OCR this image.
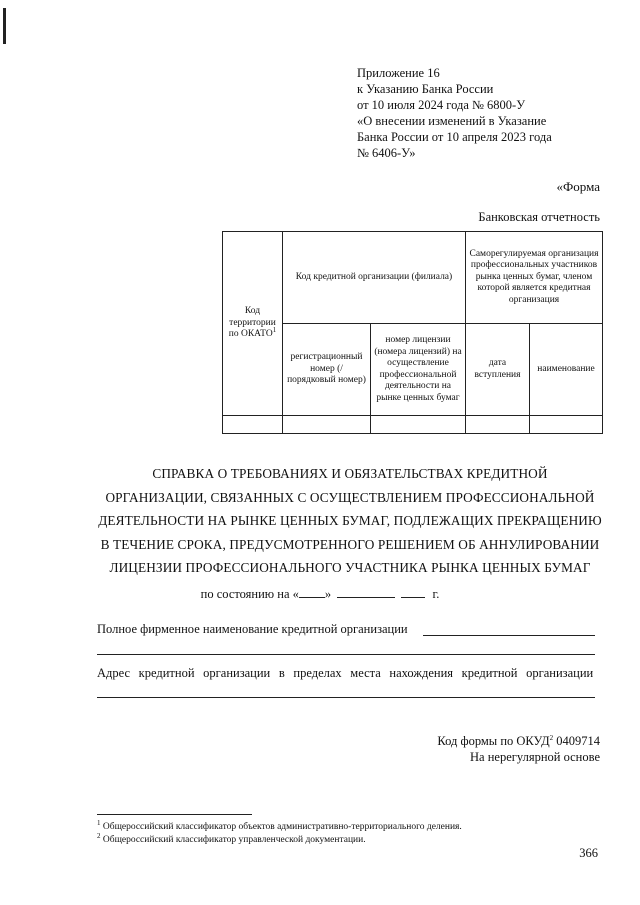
Приложение 16
к Указанию Банка России
от 10 июля 2024 года № 6800-У
«О внесении изменений в Указание
Банка России от 10 апреля 2023 года
№ 6406-У»
«Форма
Банковская отчетность
Код территории по ОКАТО$^1$	Код кредитной организации (филиала)		Саморегулируемая организация профессиональных участников рынка ценных бумаг, членом которой является кредитная организация	
	регистрационный номер (/ порядковый номер)	номер лицензии (номера лицензий) на осуществление профессиональной деятельности на рынке ценных бумаг	дата вступления	наименование

СПРАВКА О ТРЕБОВАНИЯХ И ОБЯЗАТЕЛЬСТВАХ КРЕДИТНОЙ
ОРГАНИЗАЦИИ, СВЯЗАННЫХ С ОСУЩЕСТВЛЕНИЕМ ПРОФЕССИОНАЛЬНОЙ
ДЕЯТЕЛЬНОСТИ НА РЫНКЕ ЦЕННЫХ БУМАГ, ПОДЛЕЖАЩИХ ПРЕКРАЩЕНИЮ
В ТЕЧЕНИЕ СРОКА, ПРЕДУСМОТРЕННОГО РЕШЕНИЕМ ОБ АННУЛИРОВАНИИ
ЛИЦЕНЗИИ ПРОФЕССИОНАЛЬНОГО УЧАСТНИКА РЫНКА ЦЕННЫХ БУМАГ
по состоянию на « »	г.
Полное фирменное наименование кредитной организации
Адрес кредитной организации в пределах места нахождения кредитной организации
Код формы по ОКУД$^2$ 0409714
На нерегулярной основе
$^1$ Общероссийский классификатор объектов административно-территориального деления.
$^2$ Общероссийский классификатор управленческой документации.
366
